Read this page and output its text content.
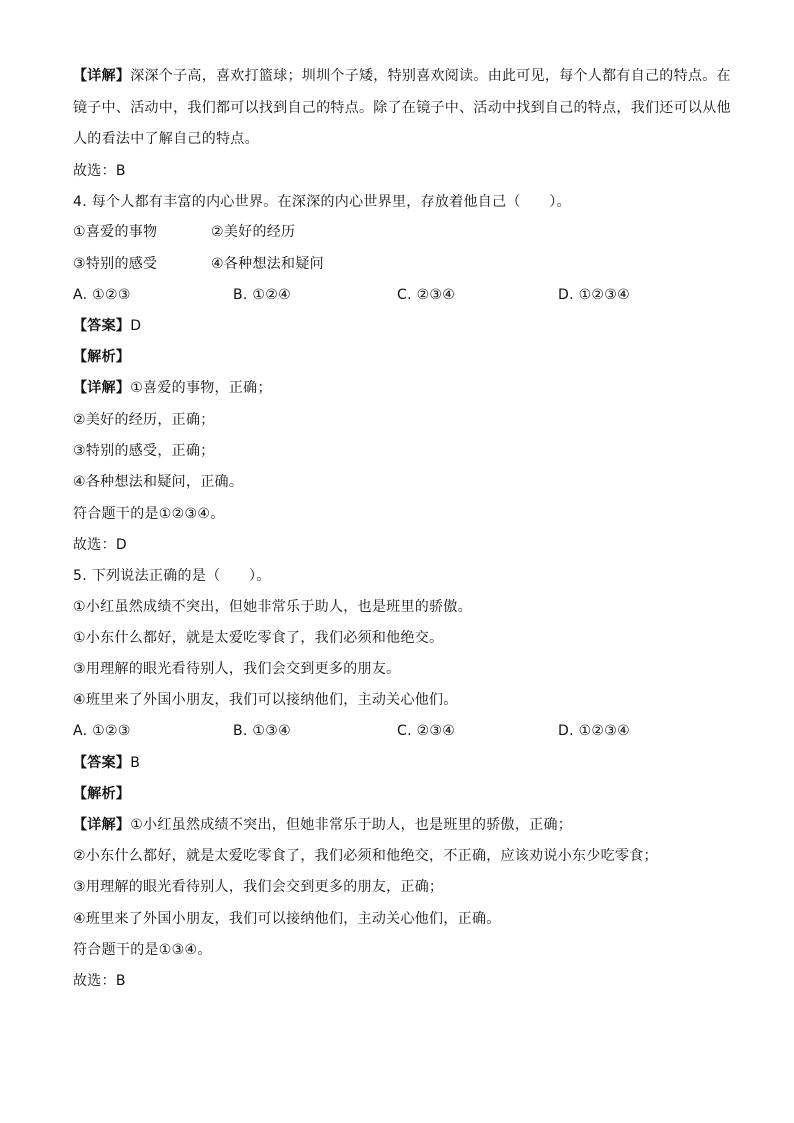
【详解】深深个子高，喜欢打篮球；圳圳个子矮，特别喜欢阅读。由此可见，每个人都有自己的特点。在
镜子中、活动中，我们都可以找到自己的特点。除了在镜子中、活动中找到自己的特点，我们还可以从他
人的看法中了解自己的特点。
故选：B
4. 每个人都有丰富的内心世界。在深深的内心世界里，存放着他自己（　　）。
①喜爱的事物	②美好的经历
③特别的感受	④各种想法和疑问
A. ①②③	B. ①②④	C. ②③④	D. ①②③④
【答案】D
【解析】
【详解】①喜爱的事物，正确；
②美好的经历，正确；
③特别的感受，正确；
④各种想法和疑问，正确。
符合题干的是①②③④。
故选：D
5. 下列说法正确的是（　　）。
①小红虽然成绩不突出，但她非常乐于助人，也是班里的骄傲。
①小东什么都好，就是太爱吃零食了，我们必须和他绝交。
③用理解的眼光看待别人，我们会交到更多的朋友。
④班里来了外国小朋友，我们可以接纳他们，主动关心他们。
A. ①②③	B. ①③④	C. ②③④	D. ①②③④
【答案】B
【解析】
【详解】①小红虽然成绩不突出，但她非常乐于助人，也是班里的骄傲，正确；
②小东什么都好，就是太爱吃零食了，我们必须和他绝交，不正确，应该劝说小东少吃零食；
③用理解的眼光看待别人，我们会交到更多的朋友，正确；
④班里来了外国小朋友，我们可以接纳他们，主动关心他们，正确。
符合题干的是①③④。
故选：B
